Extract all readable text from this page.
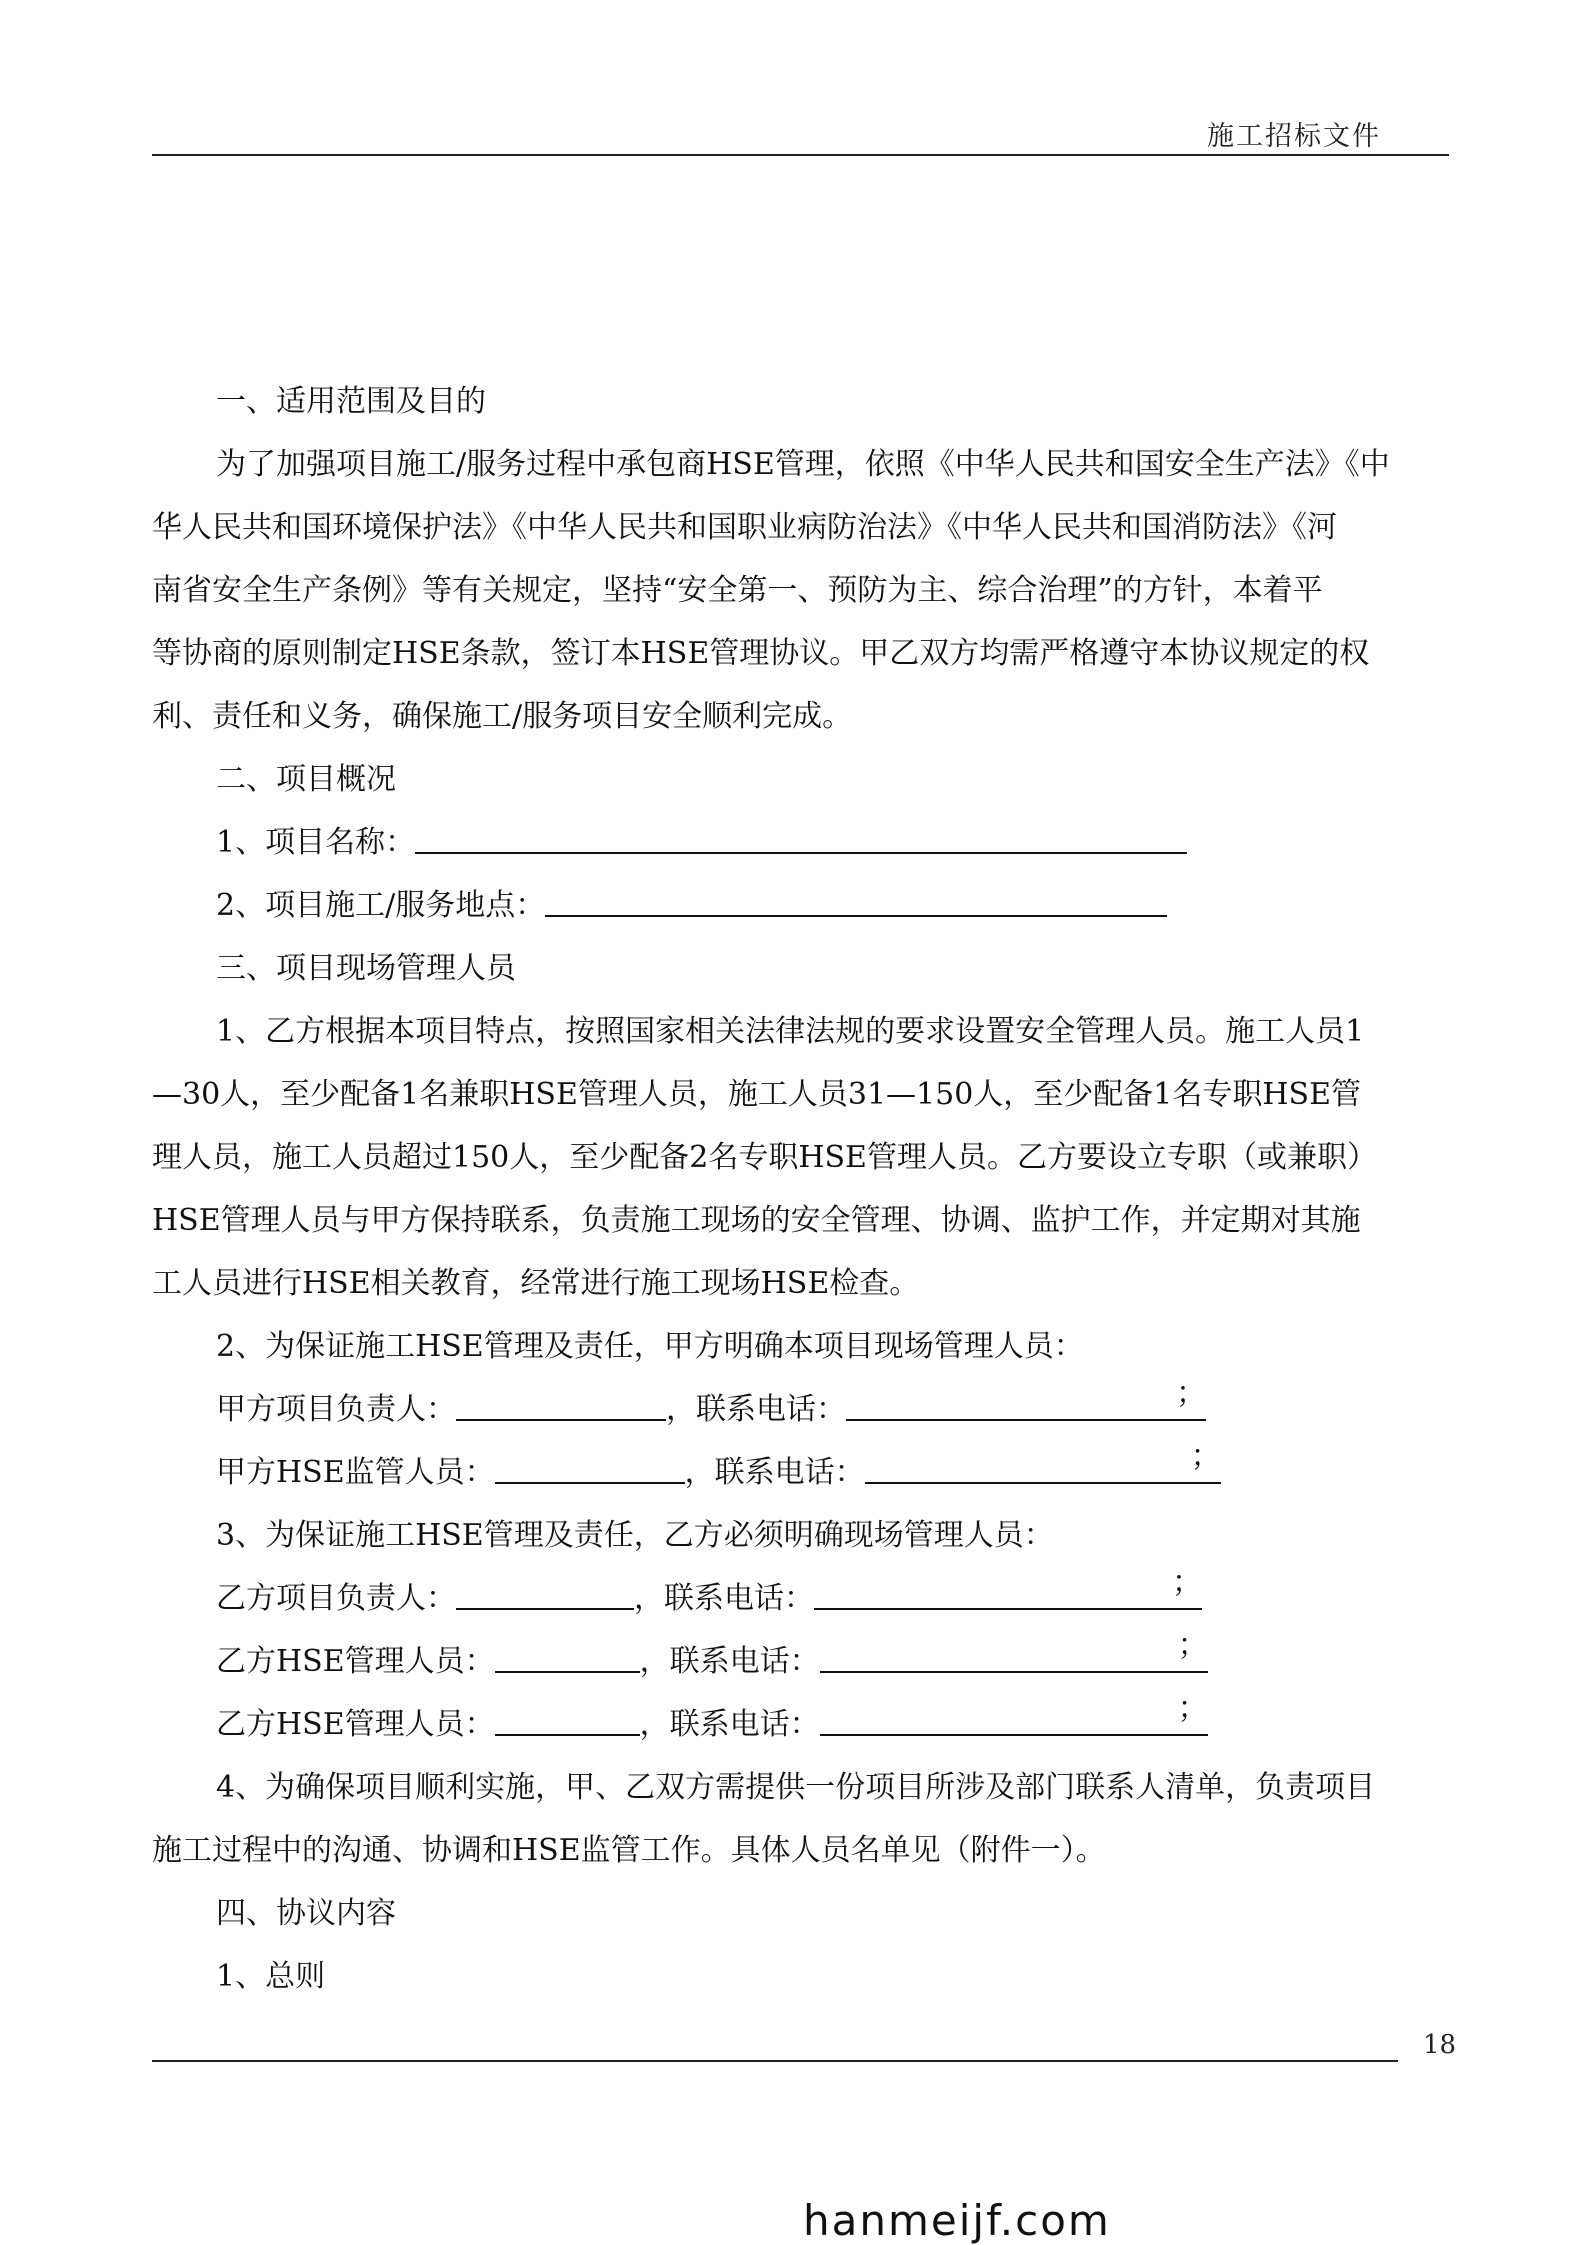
施工招标文件
一、适用范围及目的
为了加强项目施工/服务过程中承包商HSE管理，依照《中华人民共和国安全生产法》《中
华人民共和国环境保护法》《中华人民共和国职业病防治法》《中华人民共和国消防法》《河
南省安全生产条例》等有关规定，坚持“安全第一、预防为主、综合治理”的方针，本着平
等协商的原则制定HSE条款，签订本HSE管理协议。甲乙双方均需严格遵守本协议规定的权
利、责任和义务，确保施工/服务项目安全顺利完成。
二、项目概况
1、项目名称：
2、项目施工/服务地点：
三、项目现场管理人员
1、乙方根据本项目特点，按照国家相关法律法规的要求设置安全管理人员。施工人员1
—30人，至少配备1名兼职HSE管理人员，施工人员31—150人，至少配备1名专职HSE管
理人员，施工人员超过150人，至少配备2名专职HSE管理人员。乙方要设立专职（或兼职）
HSE管理人员与甲方保持联系，负责施工现场的安全管理、协调、监护工作，并定期对其施
工人员进行HSE相关教育，经常进行施工现场HSE检查。
2、为保证施工HSE管理及责任，甲方明确本项目现场管理人员：
甲方项目负责人：	，联系电话：	；
甲方HSE监管人员：	，联系电话：	；
3、为保证施工HSE管理及责任，乙方必须明确现场管理人员：
乙方项目负责人：	，联系电话：	；
乙方HSE管理人员：	，联系电话：	；
乙方HSE管理人员：	，联系电话：	；
4、为确保项目顺利实施，甲、乙双方需提供一份项目所涉及部门联系人清单，负责项目
施工过程中的沟通、协调和HSE监管工作。具体人员名单见（附件一）。
四、协议内容
1、总则
18
hanmeijf.com
